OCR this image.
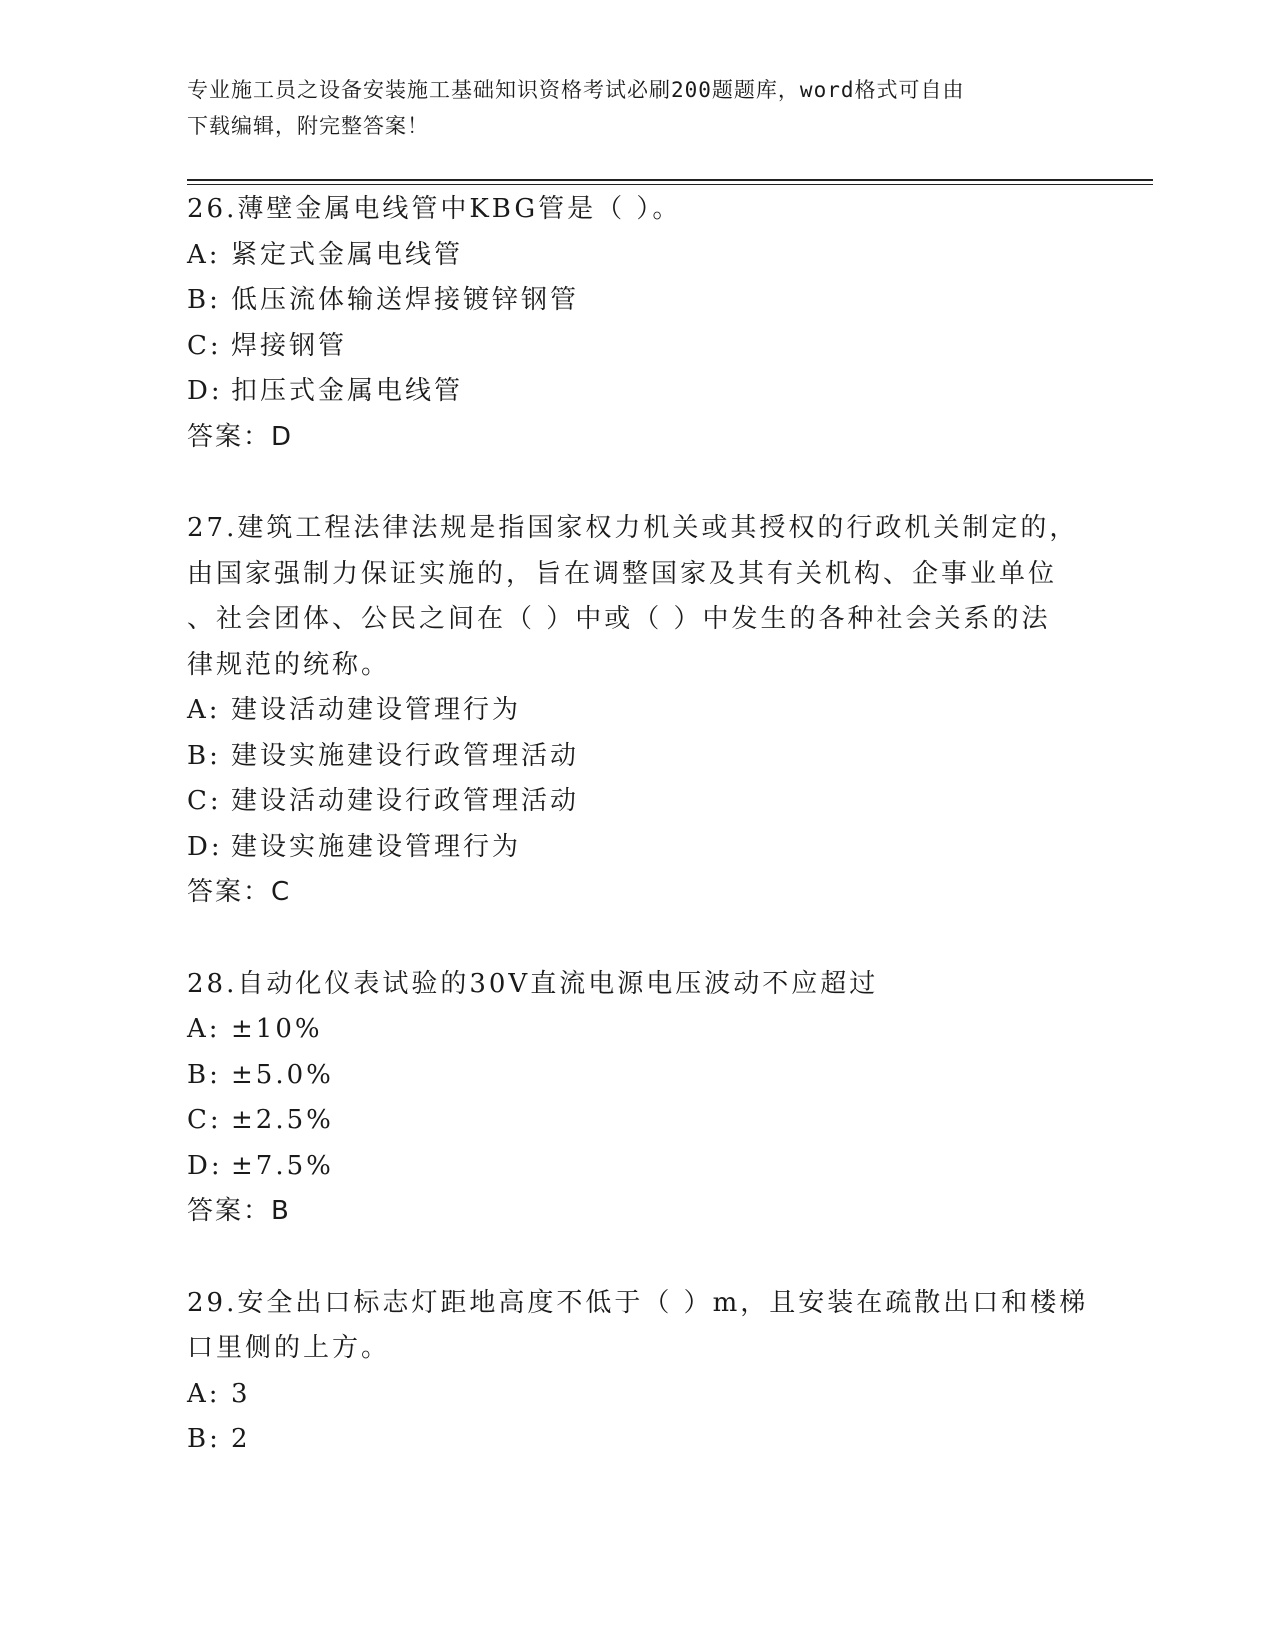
专业施工员之设备安装施工基础知识资格考试必刷200题题库，word格式可自由
下载编辑，附完整答案！
26.薄壁金属电线管中KBG管是（ ）。
A: 紧定式金属电线管
B: 低压流体输送焊接镀锌钢管
C: 焊接钢管
D: 扣压式金属电线管
答案：D
27.建筑工程法律法规是指国家权力机关或其授权的行政机关制定的，
由国家强制力保证实施的，旨在调整国家及其有关机构、企事业单位
、社会团体、公民之间在（ ）中或（ ）中发生的各种社会关系的法
律规范的统称。
A: 建设活动建设管理行为
B: 建设实施建设行政管理活动
C: 建设活动建设行政管理活动
D: 建设实施建设管理行为
答案：C
28.自动化仪表试验的30V直流电源电压波动不应超过
A: ±10%
B: ±5.0%
C: ±2.5%
D: ±7.5%
答案：B
29.安全出口标志灯距地高度不低于（ ）m，且安装在疏散出口和楼梯
口里侧的上方。
A: 3
B: 2
